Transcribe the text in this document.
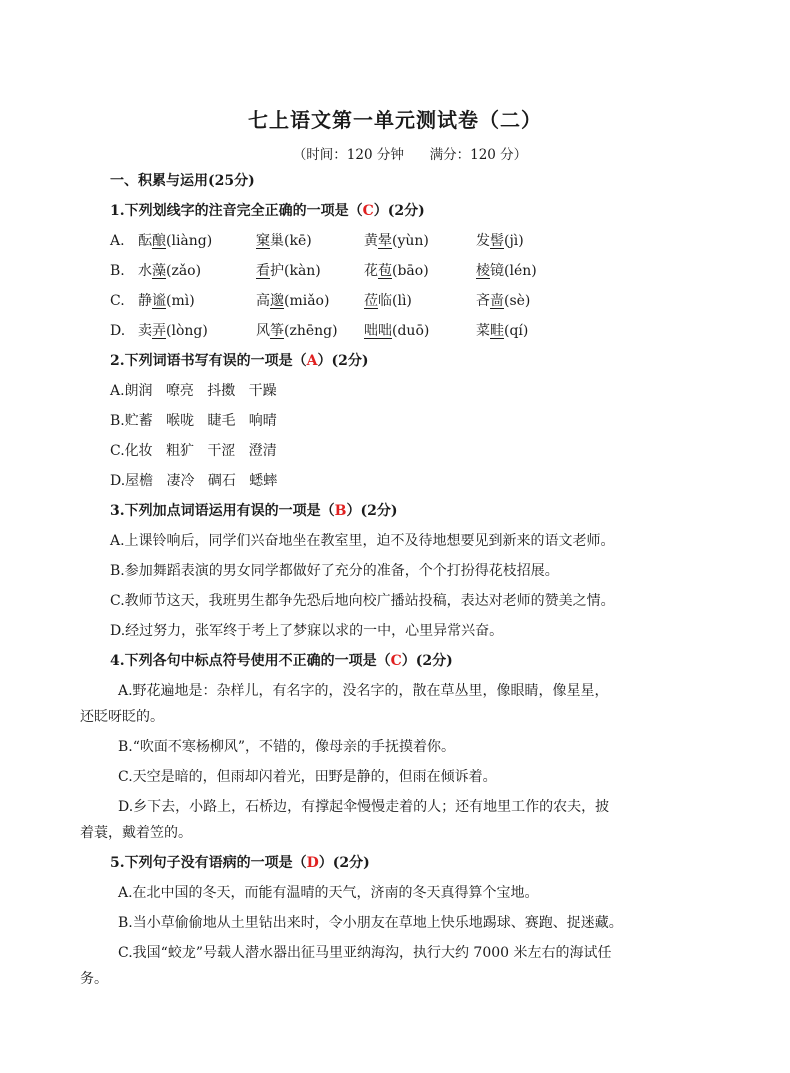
七上语文第一单元测试卷（二）
（时间：120 分钟      满分：120 分）
一、积累与运用(25分)
1.下列划线字的注音完全正确的一项是（C）(2分)
A. 酝酿(liàng)	窠巢(kē)	黄晕(yùn)	发髻(jì)
B. 水藻(zǎo)	看护(kàn)	花苞(bāo)	棱镜(lén)
C. 静谧(mì)	高邈(miǎo) 莅临(lì)	吝啬(sè)
D. 卖弄(lòng)	风筝(zhēng) 咄咄(duō)	菜畦(qí)
2.下列词语书写有误的一项是（A）(2分)
A.朗润   嘹亮   抖擞   干躁
B.贮蓄   喉咙   睫毛   响晴
C.化妆   粗犷   干涩   澄清
D.屋檐   凄冷   碉石   蟋蟀
3.下列加点词语运用有误的一项是（B）(2分)
A.上课铃响后，同学们兴奋地坐在教室里，迫不及待地想要见到新来的语文老师。
B.参加舞蹈表演的男女同学都做好了充分的准备，个个打扮得花枝招展。
C.教师节这天，我班男生都争先恐后地向校广播站投稿，表达对老师的赞美之情。
D.经过努力，张军终于考上了梦寐以求的一中，心里异常兴奋。
4.下列各句中标点符号使用不正确的一项是（C）(2分)
A.野花遍地是：杂样儿，有名字的，没名字的，散在草丛里，像眼睛，像星星，
还眨呀眨的。
B.“吹面不寒杨柳风”，不错的，像母亲的手抚摸着你。
C.天空是暗的，但雨却闪着光，田野是静的，但雨在倾诉着。
D.乡下去，小路上，石桥边，有撑起伞慢慢走着的人；还有地里工作的农夫，披
着蓑，戴着笠的。
5.下列句子没有语病的一项是（D）(2分)
A.在北中国的冬天，而能有温晴的天气，济南的冬天真得算个宝地。
B.当小草偷偷地从土里钻出来时，令小朋友在草地上快乐地踢球、赛跑、捉迷藏。
C.我国“蛟龙”号载人潜水器出征马里亚纳海沟，执行大约 7000 米左右的海试任
务。
